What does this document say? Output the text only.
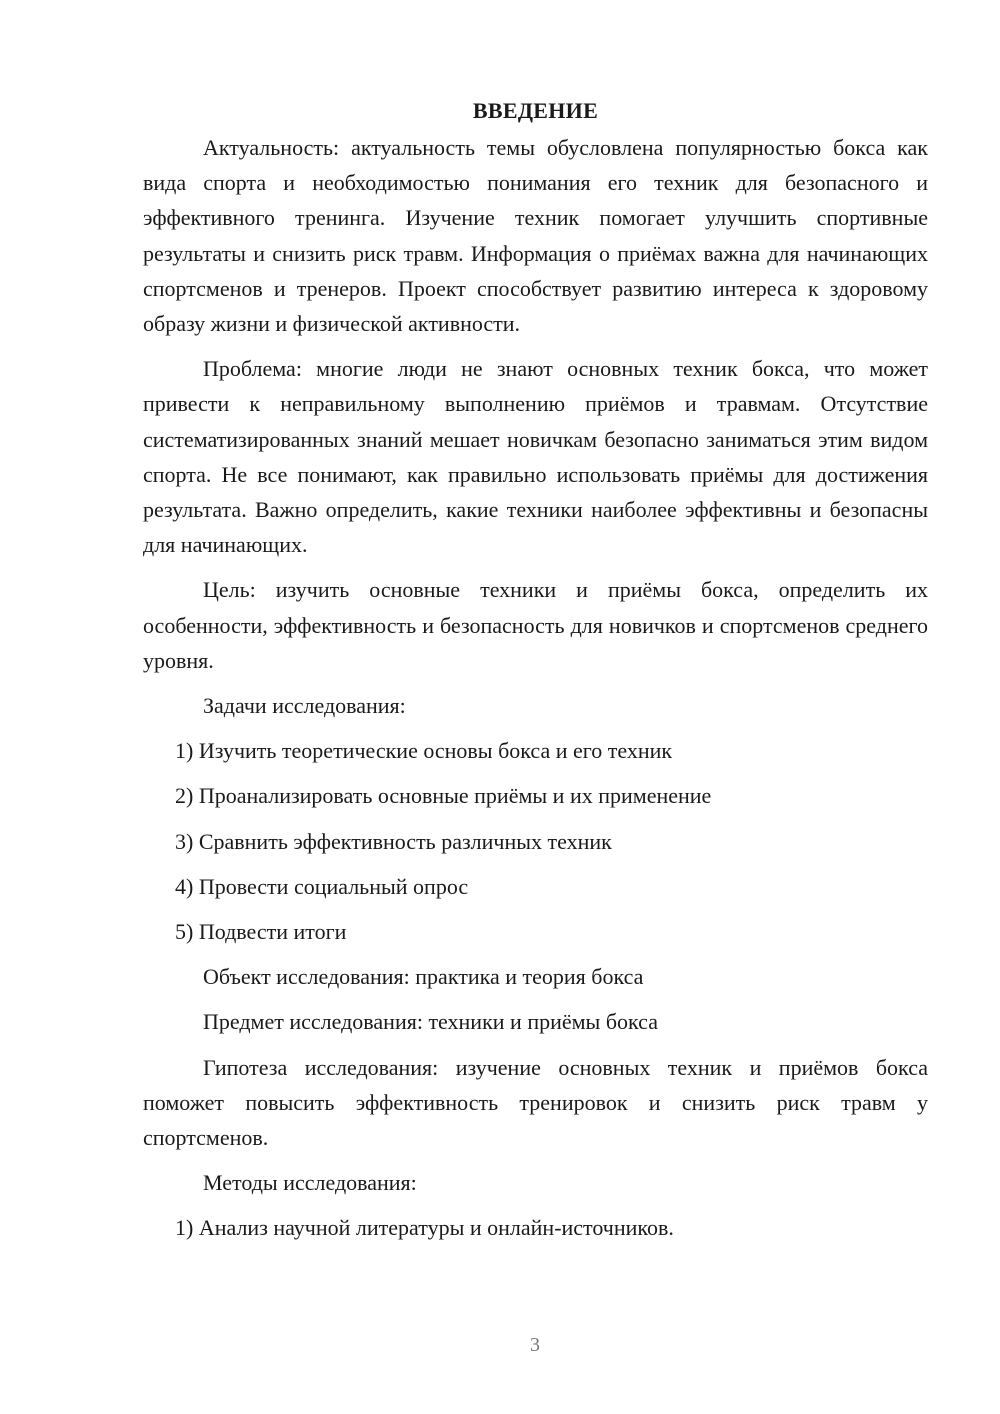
ВВЕДЕНИЕ

Актуальность: актуальность темы обусловлена популярностью бокса как вида спорта и необходимостью понимания его техник для безопасного и эффективного тренинга. Изучение техник помогает улучшить спортивные результаты и снизить риск травм. Информация о приёмах важна для начинающих спортсменов и тренеров. Проект способствует развитию интереса к здоровому образу жизни и физической активности.

Проблема: многие люди не знают основных техник бокса, что может привести к неправильному выполнению приёмов и травмам. Отсутствие систематизированных знаний мешает новичкам безопасно заниматься этим видом спорта. Не все понимают, как правильно использовать приёмы для достижения результата. Важно определить, какие техники наиболее эффективны и безопасны для начинающих.

Цель: изучить основные техники и приёмы бокса, определить их особенности, эффективность и безопасность для новичков и спортсменов среднего уровня.

Задачи исследования:

1) Изучить теоретические основы бокса и его техник

2) Проанализировать основные приёмы и их применение

3) Сравнить эффективность различных техник

4) Провести социальный опрос

5) Подвести итоги

Объект исследования: практика и теория бокса

Предмет исследования: техники и приёмы бокса

Гипотеза исследования: изучение основных техник и приёмов бокса поможет повысить эффективность тренировок и снизить риск травм у спортсменов.

Методы исследования:

1) Анализ научной литературы и онлайн-источников.

3
